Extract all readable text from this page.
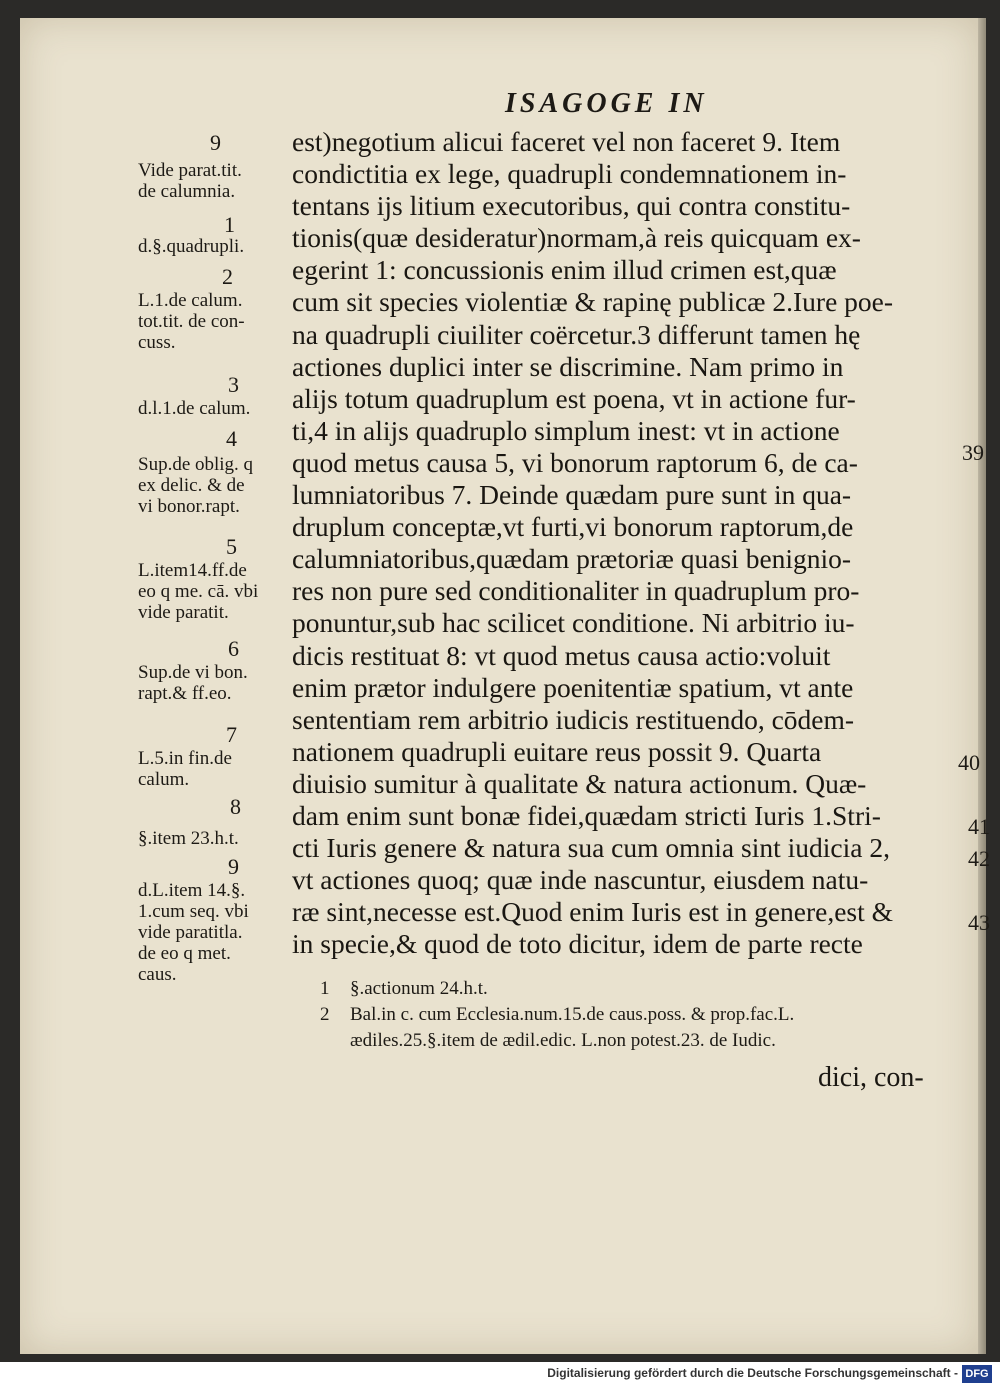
ISAGOGE IN
est)negotium alicui faceret vel non faceret 9. Item
condictitia ex lege, quadrupli condemnationem in-
tentans ijs litium executoribus, qui contra constitu-
tionis(quæ desideratur)normam,à reis quicquam ex-
egerint 1: concussionis enim illud crimen est,quæ
cum sit species violentiæ & rapinę publicæ 2.Iure poe-
na quadrupli ciuiliter coërcetur.3 differunt tamen hę
actiones duplici inter se discrimine. Nam primo in
alijs totum quadruplum est poena, vt in actione fur-
ti,4 in alijs quadruplo simplum inest: vt in actione
quod metus causa 5, vi bonorum raptorum 6, de ca-
lumniatoribus 7. Deinde quædam pure sunt in qua-
druplum conceptæ,vt furti,vi bonorum raptorum,de
calumniatoribus,quædam prætoriæ quasi benignio-
res non pure sed conditionaliter in quadruplum pro-
ponuntur,sub hac scilicet conditione. Ni arbitrio iu-
dicis restituat 8: vt quod metus causa actio:voluit
enim prætor indulgere poenitentiæ spatium, vt ante
sententiam rem arbitrio iudicis restituendo, cōdem-
nationem quadrupli euitare reus possit 9. Quarta
diuisio sumitur à qualitate & natura actionum. Quæ-
dam enim sunt bonæ fidei,quædam stricti Iuris 1.Stri-
cti Iuris genere & natura sua cum omnia sint iudicia 2,
vt actiones quoq; quæ inde nascuntur, eiusdem natu-
ræ sint,necesse est.Quod enim Iuris est in genere,est &
in specie,& quod de toto dicitur, idem de parte recte
9
Vide parat.tit.
de calumnia.
1
d.§.quadrupli.
2
L.1.de calum.
tot.tit. de con-
cuss.
3
d.l.1.de calum.
4
Sup.de oblig. q
ex delic. & de
vi bonor.rapt.
5
L.item14.ff.de
eo q me. cā. vbi
vide paratit.
6
Sup.de vi bon.
rapt.& ff.eo.
7
L.5.in fin.de
calum.
8
§.item 23.h.t.
9
d.L.item 14.§.
1.cum seq. vbi
vide paratitla.
de eo q met.
caus.
39
40
41
42
43
1 §.actionum 24.h.t.
2 Bal.in c. cum Ecclesia.num.15.de caus.poss. & prop.fac.L.
ædiles.25.§.item de ædil.edic. L.non potest.23. de Iudic.
dici, con-
Digitalisierung gefördert durch die Deutsche Forschungsgemeinschaft - DFG
